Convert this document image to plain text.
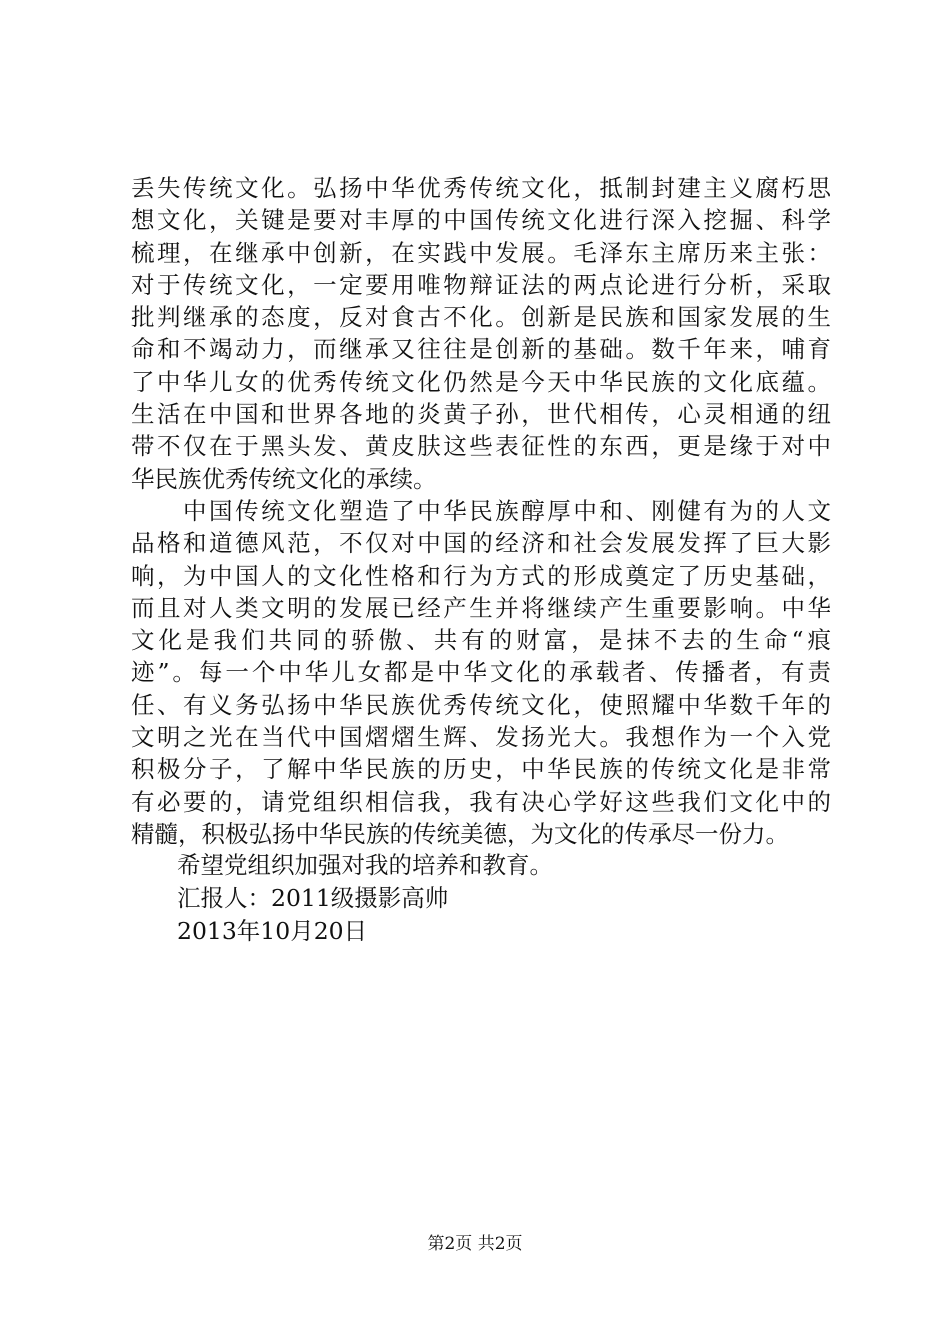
丢失传统文化。弘扬中华优秀传统文化，抵制封建主义腐朽思
想文化，关键是要对丰厚的中国传统文化进行深入挖掘、科学
梳理，在继承中创新，在实践中发展。毛泽东主席历来主张：
对于传统文化，一定要用唯物辩证法的两点论进行分析，采取
批判继承的态度，反对食古不化。创新是民族和国家发展的生
命和不竭动力，而继承又往往是创新的基础。数千年来，哺育
了中华儿女的优秀传统文化仍然是今天中华民族的文化底蕴。
生活在中国和世界各地的炎黄子孙，世代相传，心灵相通的纽
带不仅在于黑头发、黄皮肤这些表征性的东西，更是缘于对中
华民族优秀传统文化的承续。
　　中国传统文化塑造了中华民族醇厚中和、刚健有为的人文
品格和道德风范，不仅对中国的经济和社会发展发挥了巨大影
响，为中国人的文化性格和行为方式的形成奠定了历史基础，
而且对人类文明的发展已经产生并将继续产生重要影响。中华
文化是我们共同的骄傲、共有的财富，是抹不去的生命“痕
迹”。每一个中华儿女都是中华文化的承载者、传播者，有责
任、有义务弘扬中华民族优秀传统文化，使照耀中华数千年的
文明之光在当代中国熠熠生辉、发扬光大。我想作为一个入党
积极分子，了解中华民族的历史，中华民族的传统文化是非常
有必要的，请党组织相信我，我有决心学好这些我们文化中的
精髓，积极弘扬中华民族的传统美德，为文化的传承尽一份力。
希望党组织加强对我的培养和教育。
汇报人：2011级摄影高帅
2013年10月20日
第2页 共2页
